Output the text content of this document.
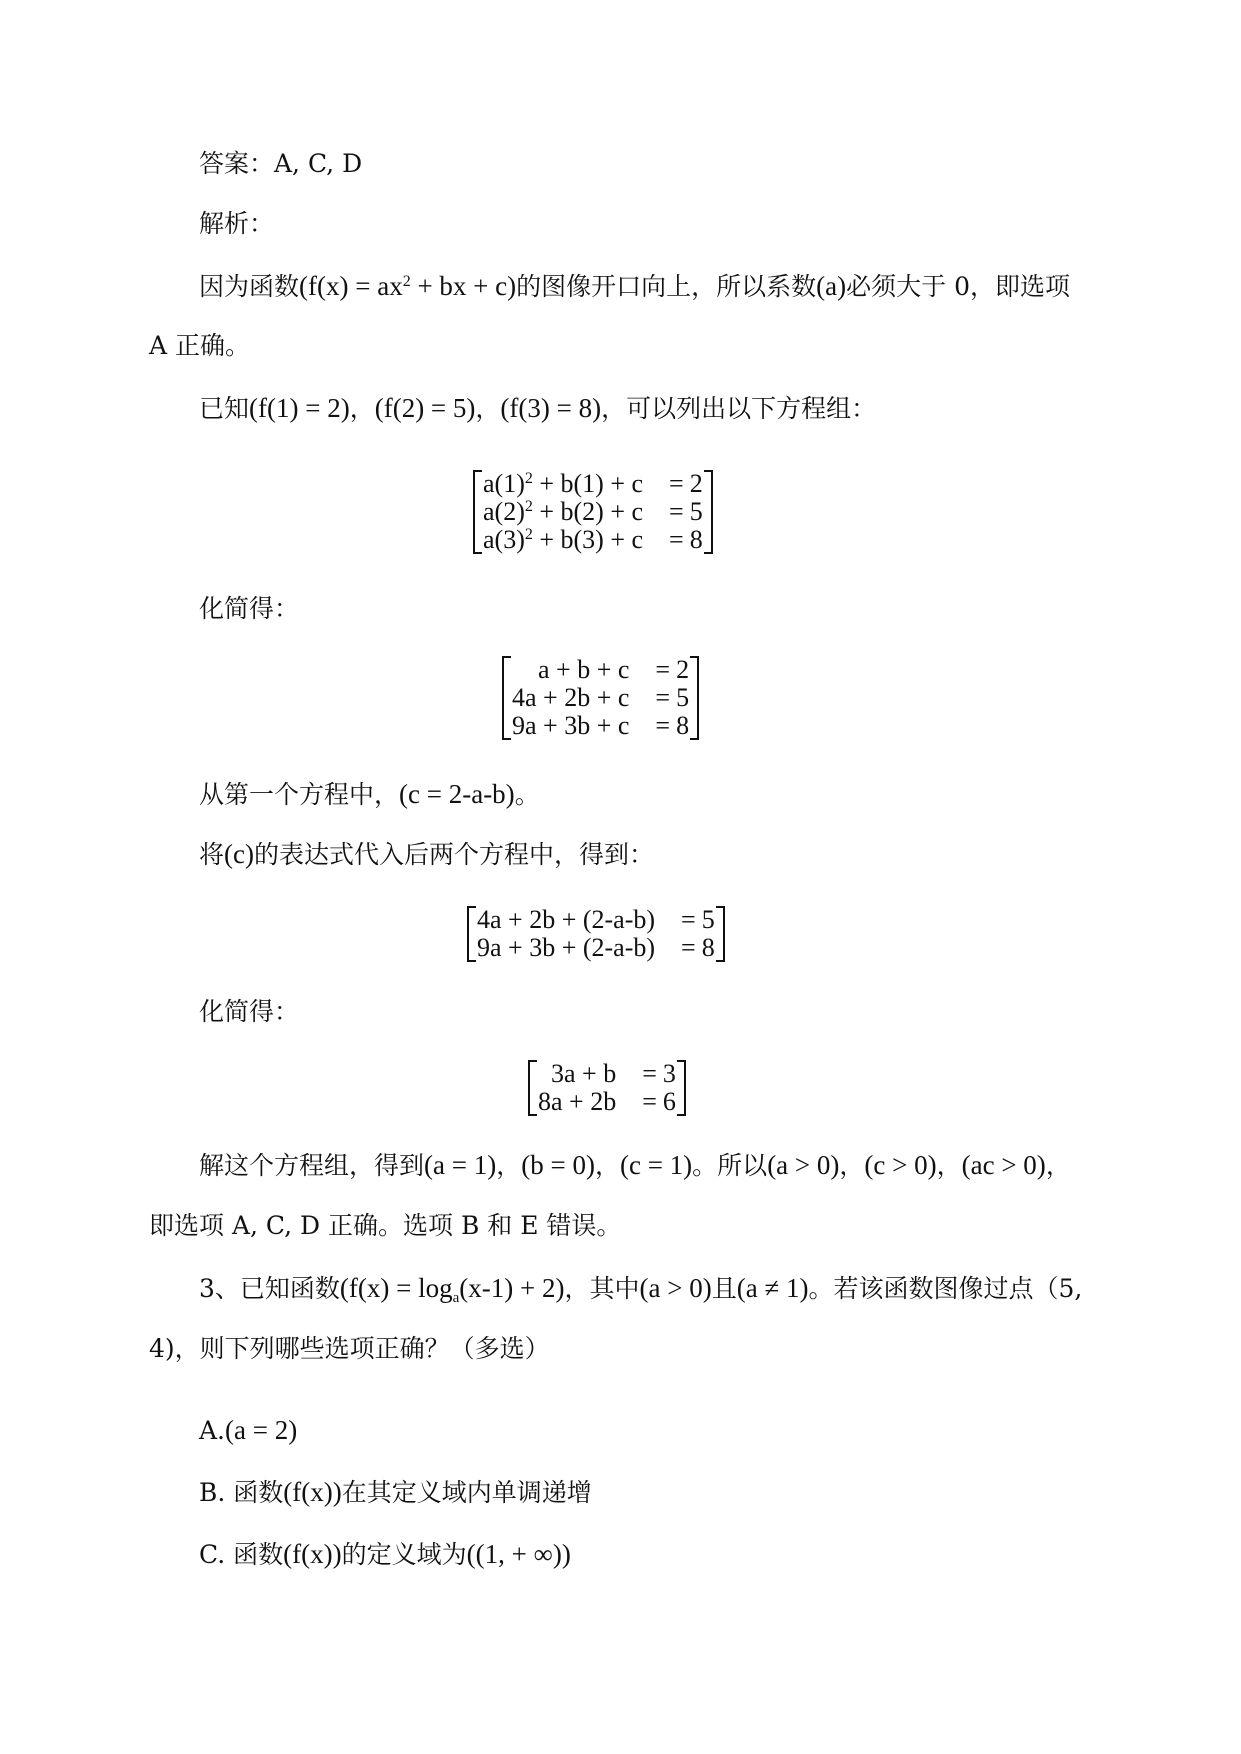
答案：A, C, D
解析：
因为函数($f(x) = ax^2$ + bx + c)的图像开口向上，所以系数(a)必须大于 0，即选项
A 正确。
已知(f(1) = 2)，(f(2) = 5)，(f(3) = 8)，可以列出以下方程组：
$a(1)^2 + b(1) + c$	=	2
$a(2)^2 + b(2) + c$	=	5
$a(3)^2 + b(3) + c$	=	8
化简得：
a + b + c	=	2
4a + 2b + c	=	5
9a + 3b + c	=	8
从第一个方程中，(c = 2-a-b)。
将(c)的表达式代入后两个方程中，得到：
4a + 2b + (2-a-b)	=	5
9a + 3b + (2-a-b)	=	8
化简得：
3a + b	=	3
8a + 2b	=	6
解这个方程组，得到(a = 1)，(b = 0)，(c = 1)。所以(a > 0)，(c > 0)，(ac > 0)，
即选项 A, C, D 正确。选项 B 和 E 错误。
3、已知函数$(f(x) = \log_a(x-1) + 2)$，其中(a > 0)且(a ≠ 1)。若该函数图像过点（5,
4)，则下列哪些选项正确？（多选）
A.(a = 2)
B. 函数(f(x))在其定义域内单调递增
C. 函数(f(x))的定义域为((1, + ∞))
